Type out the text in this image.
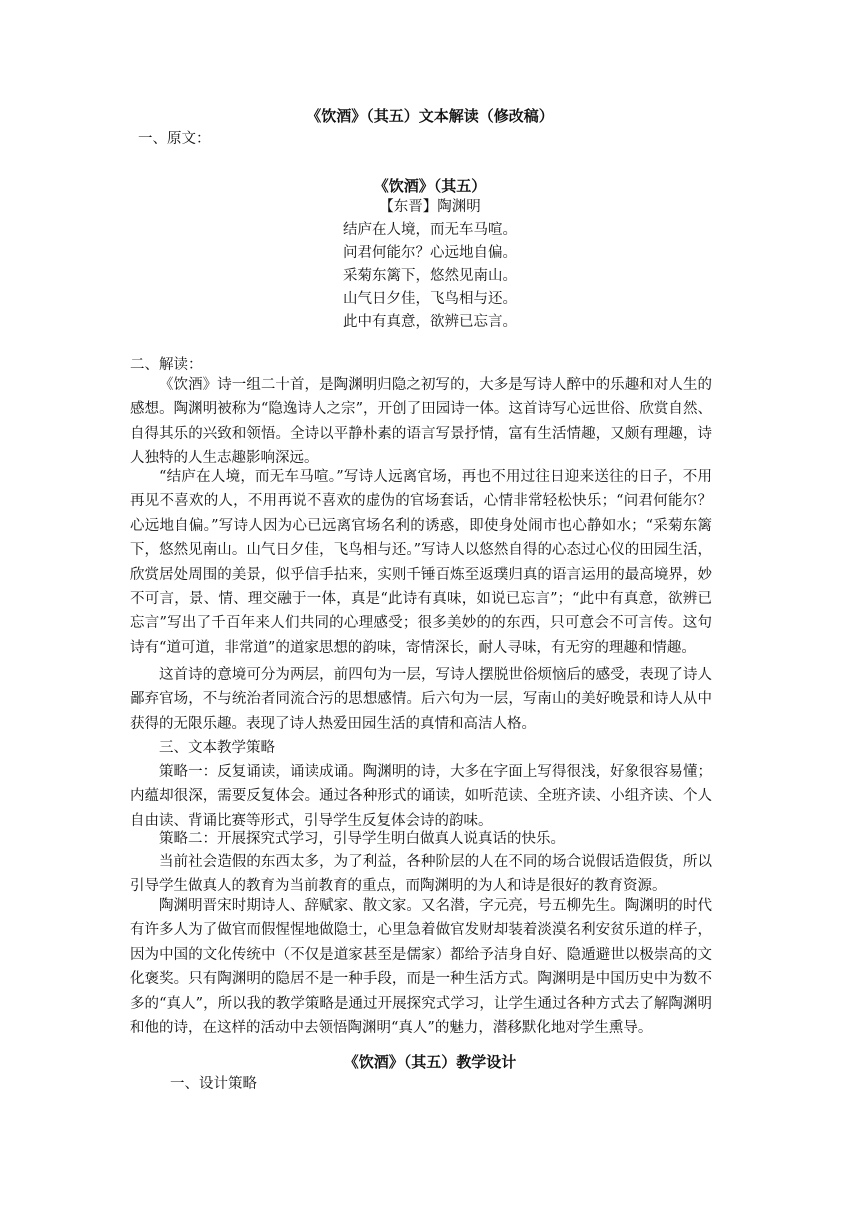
《饮酒》（其五）文本解读（修改稿）
一、原文：
《饮酒》（其五）
【东晋】陶渊明
结庐在人境，而无车马喧。
问君何能尔？心远地自偏。
采菊东篱下，悠然见南山。
山气日夕佳，飞鸟相与还。
此中有真意，欲辨已忘言。
二、解读：

《饮酒》诗一组二十首，是陶渊明归隐之初写的，大多是写诗人醉中的乐趣和对人生的感想。陶渊明被称为“隐逸诗人之宗”，开创了田园诗一体。这首诗写心远世俗、欣赏自然、自得其乐的兴致和领悟。全诗以平静朴素的语言写景抒情，富有生活情趣，又颇有理趣，诗人独特的人生志趣影响深远。

“结庐在人境，而无车马喧。”写诗人远离官场，再也不用过往日迎来送往的日子，不用再见不喜欢的人，不用再说不喜欢的虚伪的官场套话，心情非常轻松快乐；“问君何能尔？心远地自偏。”写诗人因为心已远离官场名利的诱惑，即使身处闹市也心静如水；“采菊东篱下，悠然见南山。山气日夕佳，飞鸟相与还。”写诗人以悠然自得的心态过心仪的田园生活，欣赏居处周围的美景，似乎信手拈来，实则千锤百炼至返璞归真的语言运用的最高境界，妙不可言，景、情、理交融于一体，真是“此诗有真味，如说已忘言”；“此中有真意，欲辨已忘言”写出了千百年来人们共同的心理感受；很多美妙的的东西，只可意会不可言传。这句诗有“道可道，非常道”的道家思想的韵味，寄情深长，耐人寻味，有无穷的理趣和情趣。

这首诗的意境可分为两层，前四句为一层，写诗人摆脱世俗烦恼后的感受，表现了诗人鄙弃官场，不与统治者同流合污的思想感情。后六句为一层，写南山的美好晚景和诗人从中获得的无限乐趣。表现了诗人热爱田园生活的真情和高洁人格。

三、文本教学策略

策略一：反复诵读，诵读成诵。陶渊明的诗，大多在字面上写得很浅，好象很容易懂；内蕴却很深，需要反复体会。通过各种形式的诵读，如听范读、全班齐读、小组齐读、个人自由读、背诵比赛等形式，引导学生反复体会诗的韵味。

策略二：开展探究式学习，引导学生明白做真人说真话的快乐。

当前社会造假的东西太多，为了利益，各种阶层的人在不同的场合说假话造假货，所以引导学生做真人的教育为当前教育的重点，而陶渊明的为人和诗是很好的教育资源。

陶渊明晋宋时期诗人、辞赋家、散文家。又名潜，字元亮，号五柳先生。陶渊明的时代有许多人为了做官而假惺惺地做隐士，心里急着做官发财却装着淡漠名利安贫乐道的样子，因为中国的文化传统中（不仅是道家甚至是儒家）都给予洁身自好、隐遁避世以极崇高的文化褒奖。只有陶渊明的隐居不是一种手段，而是一种生活方式。陶渊明是中国历史中为数不多的“真人”，所以我的教学策略是通过开展探究式学习，让学生通过各种方式去了解陶渊明和他的诗，在这样的活动中去领悟陶渊明“真人”的魅力，潜移默化地对学生熏导。

《饮酒》（其五）教学设计
一、设计策略
